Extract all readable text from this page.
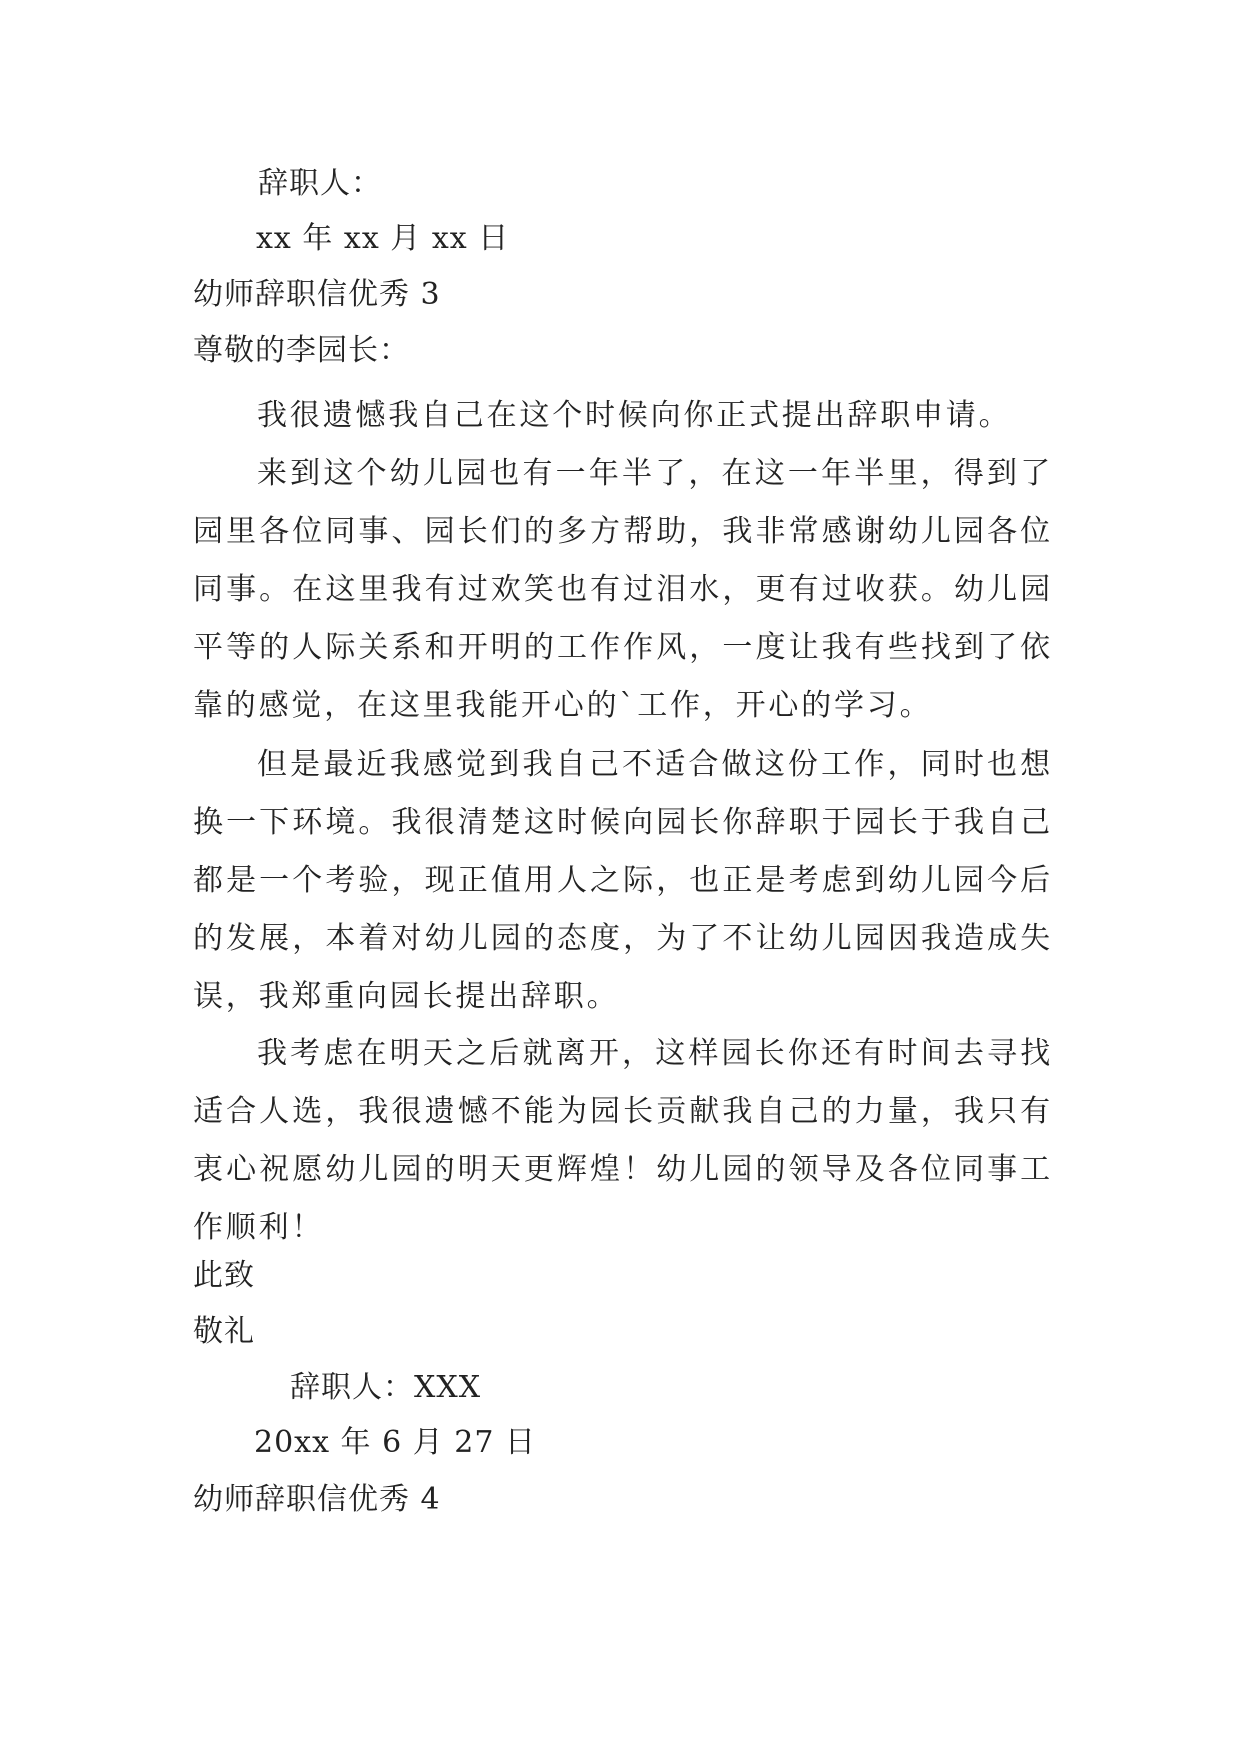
辞职人：
xx 年 xx 月 xx 日
幼师辞职信优秀 3
尊敬的李园长：

我很遗憾我自己在这个时候向你正式提出辞职申请。

来到这个幼儿园也有一年半了，在这一年半里，得到了园里各位同事、园长们的多方帮助，我非常感谢幼儿园各位同事。在这里我有过欢笑也有过泪水，更有过收获。幼儿园平等的人际关系和开明的工作作风，一度让我有些找到了依靠的感觉，在这里我能开心的`工作，开心的学习。

但是最近我感觉到我自己不适合做这份工作，同时也想换一下环境。我很清楚这时候向园长你辞职于园长于我自己都是一个考验，现正值用人之际，也正是考虑到幼儿园今后的发展，本着对幼儿园的态度，为了不让幼儿园因我造成失误，我郑重向园长提出辞职。

我考虑在明天之后就离开，这样园长你还有时间去寻找适合人选，我很遗憾不能为园长贡献我自己的力量，我只有衷心祝愿幼儿园的明天更辉煌！幼儿园的领导及各位同事工作顺利！

此致
敬礼
辞职人：XXX
20xx 年 6 月 27 日
幼师辞职信优秀 4
